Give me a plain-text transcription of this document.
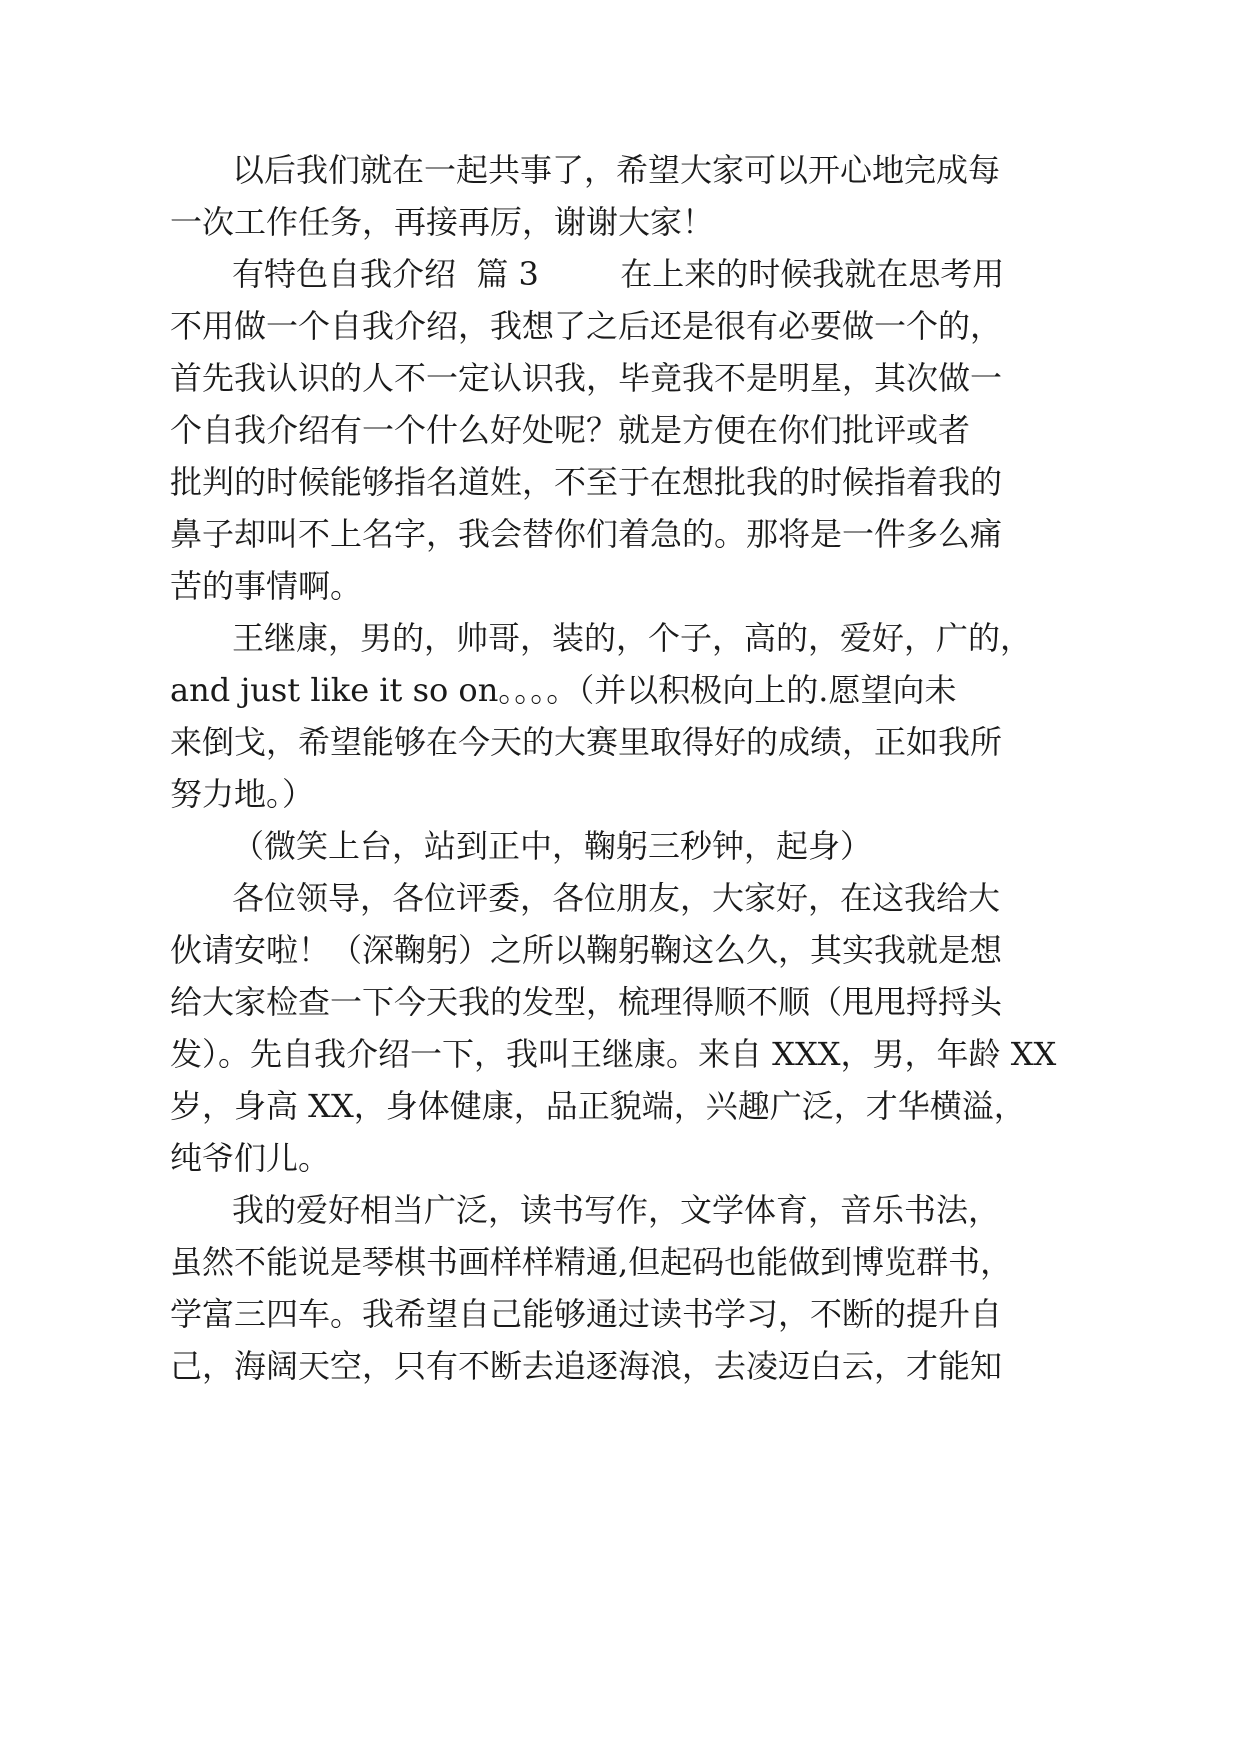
以后我们就在一起共事了，希望大家可以开心地完成每
一次工作任务，再接再厉，谢谢大家！
有特色自我介绍  篇 3        在上来的时候我就在思考用
不用做一个自我介绍，我想了之后还是很有必要做一个的，
首先我认识的人不一定认识我，毕竟我不是明星，其次做一
个自我介绍有一个什么好处呢？就是方便在你们批评或者
批判的时候能够指名道姓，不至于在想批我的时候指着我的
鼻子却叫不上名字，我会替你们着急的。那将是一件多么痛
苦的事情啊。
王继康，男的，帅哥，装的，个子，高的，爱好，广的，
and just like it so on。。。。（并以积极向上的.愿望向未
来倒戈，希望能够在今天的大赛里取得好的成绩，正如我所
努力地。）
（微笑上台，站到正中，鞠躬三秒钟，起身）
各位领导，各位评委，各位朋友，大家好，在这我给大
伙请安啦！（深鞠躬）之所以鞠躬鞠这么久，其实我就是想
给大家检查一下今天我的发型，梳理得顺不顺（甩甩捋捋头
发）。先自我介绍一下，我叫王继康。来自 XXX，男，年龄 XX
岁，身高 XX，身体健康，品正貌端，兴趣广泛，才华横溢，
纯爷们儿。
我的爱好相当广泛，读书写作，文学体育，音乐书法，
虽然不能说是琴棋书画样样精通,但起码也能做到博览群书，
学富三四车。我希望自己能够通过读书学习，不断的提升自
己，海阔天空，只有不断去追逐海浪，去凌迈白云，才能知
